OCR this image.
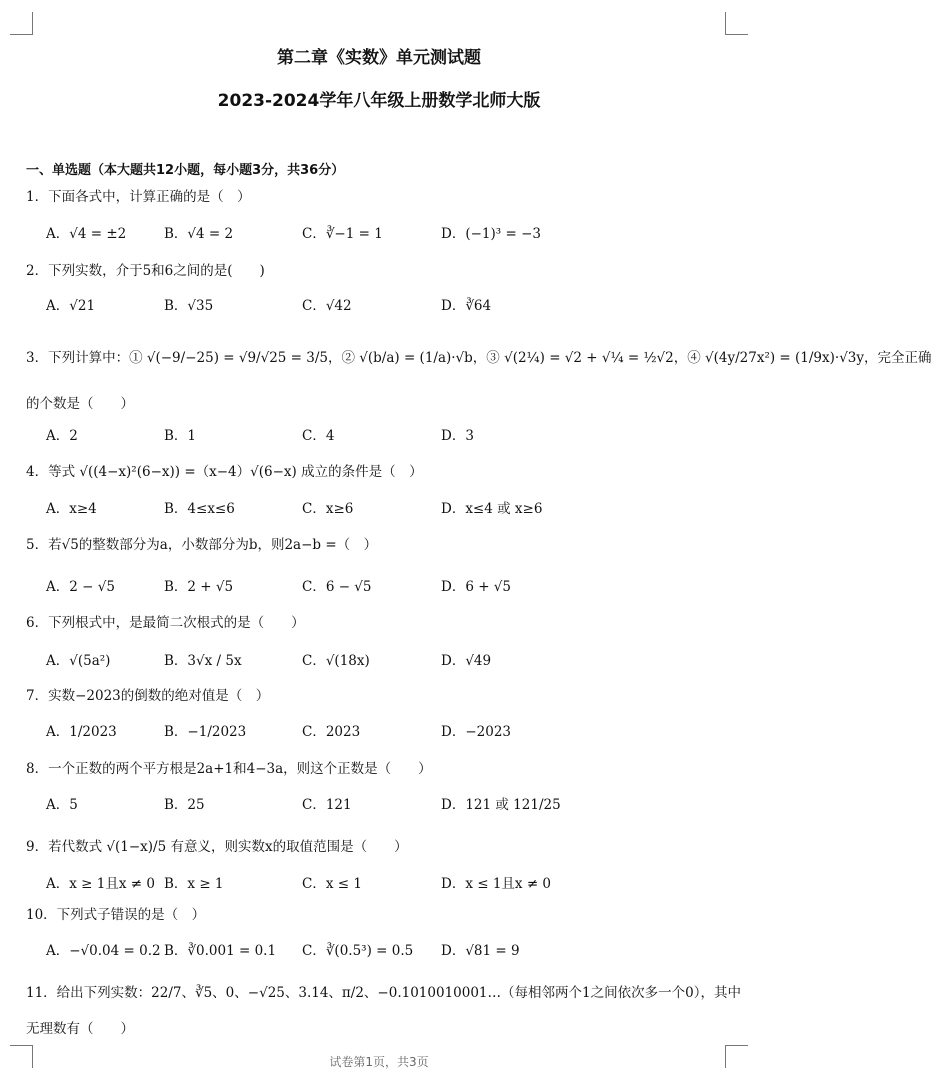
第二章《实数》单元测试题
2023-2024学年八年级上册数学北师大版
一、单选题（本大题共12小题，每小题3分，共36分）
1．下面各式中，计算正确的是（　）
A．√4 = ±2	B．√4 = 2	C．∛−1 = 1	D．(−1)³ = −3
2．下列实数，介于5和6之间的是(　　)
A．√21	B．√35	C．√42	D．∛64
3．下列计算中：① √(−9/−25) = √9/√25 = 3/5，② √(b/a) = (1/a)·√b，③ √(2¼) = √2 + √¼ = ½√2，④ √(4y/27x²) = (1/9x)·√3y，完全正确
的个数是（　　）
A．2	B．1	C．4	D．3
4．等式 √((4−x)²(6−x)) =（x−4）√(6−x) 成立的条件是（　）
A．x≥4	B．4≤x≤6	C．x≥6	D．x≤4 或 x≥6
5．若√5的整数部分为a，小数部分为b，则2a−b =（　）
A．2 − √5	B．2 + √5	C．6 − √5	D．6 + √5
6．下列根式中，是最简二次根式的是（　　）
A．√(5a²)	B．3√x / 5x	C．√(18x)	D．√49
7．实数−2023的倒数的绝对值是（　）
A．1/2023	B．−1/2023	C．2023	D．−2023
8．一个正数的两个平方根是2a+1和4−3a，则这个正数是（　　）
A．5	B．25	C．121	D．121 或 121/25
9．若代数式 √(1−x)/5 有意义，则实数x的取值范围是（　　）
A．x ≥ 1且x ≠ 0 B．x ≥ 1	C．x ≤ 1	D．x ≤ 1且x ≠ 0
10．下列式子错误的是（　）
A．−√0.04 = 0.2 B．∛0.001 = 0.1 C．∛(0.5³) = 0.5 D．√81 = 9
11．给出下列实数：22/7、∛5、0、−√25、3.14、π/2、−0.1010010001…（每相邻两个1之间依次多一个0），其中
无理数有（　　）
试卷第1页，共3页
